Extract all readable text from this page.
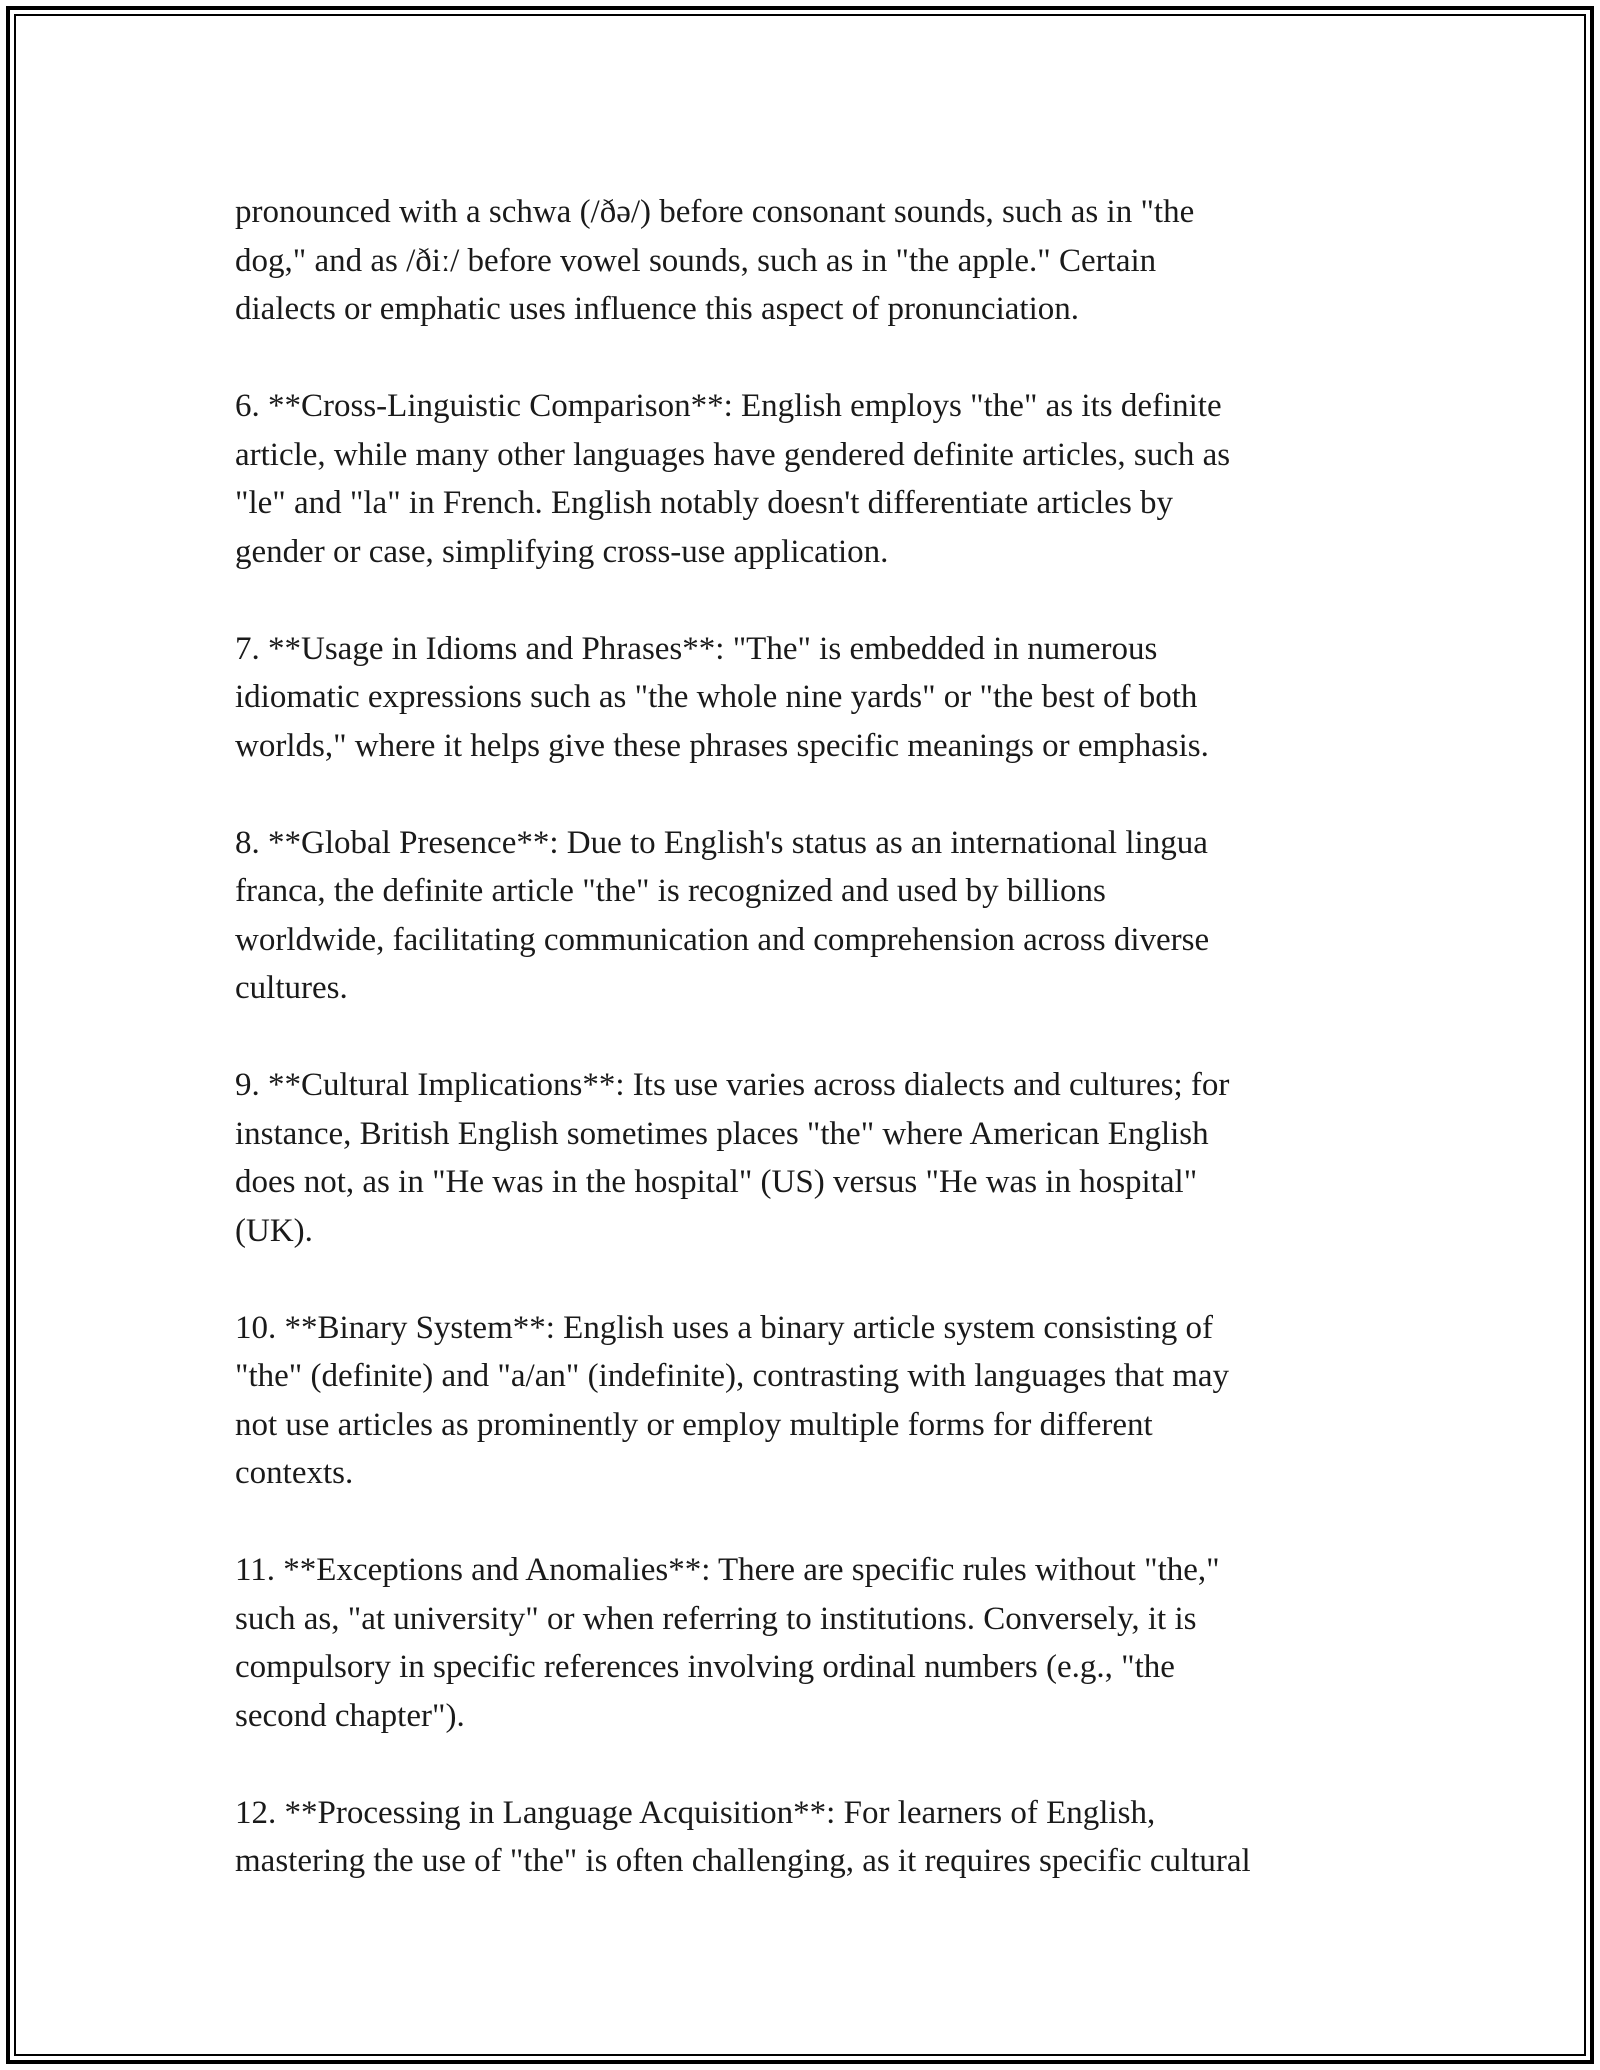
pronounced with a schwa (/ðə/) before consonant sounds, such as in "the
dog," and as /ðiː/ before vowel sounds, such as in "the apple." Certain
dialects or emphatic uses influence this aspect of pronunciation.

6. **Cross-Linguistic Comparison**: English employs "the" as its definite
article, while many other languages have gendered definite articles, such as
"le" and "la" in French. English notably doesn't differentiate articles by
gender or case, simplifying cross-use application.

7. **Usage in Idioms and Phrases**: "The" is embedded in numerous
idiomatic expressions such as "the whole nine yards" or "the best of both
worlds," where it helps give these phrases specific meanings or emphasis.

8. **Global Presence**: Due to English's status as an international lingua
franca, the definite article "the" is recognized and used by billions
worldwide, facilitating communication and comprehension across diverse
cultures.

9. **Cultural Implications**: Its use varies across dialects and cultures; for
instance, British English sometimes places "the" where American English
does not, as in "He was in the hospital" (US) versus "He was in hospital"
(UK).

10. **Binary System**: English uses a binary article system consisting of
"the" (definite) and "a/an" (indefinite), contrasting with languages that may
not use articles as prominently or employ multiple forms for different
contexts.

11. **Exceptions and Anomalies**: There are specific rules without "the,"
such as, "at university" or when referring to institutions. Conversely, it is
compulsory in specific references involving ordinal numbers (e.g., "the
second chapter").

12. **Processing in Language Acquisition**: For learners of English,
mastering the use of "the" is often challenging, as it requires specific cultural
